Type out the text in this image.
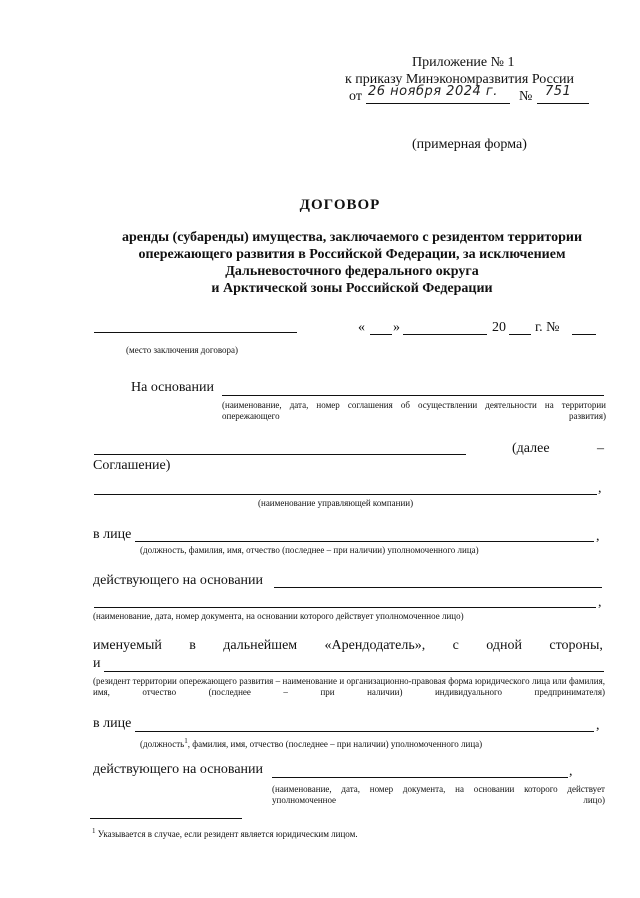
Приложение № 1
к приказу Минэкономразвития России
от 26 ноября 2024 г. № 751
(примерная форма)
ДОГОВОР
аренды (субаренды) имущества, заключаемого с резидентом территории
опережающего развития в Российской Федерации, за исключением
Дальневосточного федерального округа
и Арктической зоны Российской Федерации
« »	20 г. №
(место заключения договора)
На основании
(наименование, дата, номер соглашения об осуществлении деятельности на территории опережающего развития)
(далее	–
Соглашение)
,
(наименование управляющей компании)
в лице	,
(должность, фамилия, имя, отчество (последнее – при наличии) уполномоченного лица)
действующего на основании
,
(наименование, дата, номер документа, на основании которого действует уполномоченное лицо)
именуемый в дальнейшем «Арендодатель», с одной стороны,
и
(резидент территории опережающего развития – наименование и организационно-правовая форма юридического лица или фамилия, имя, отчество (последнее – при наличии) индивидуального предпринимателя)
в лице	,
(должность$^1$, фамилия, имя, отчество (последнее – при наличии) уполномоченного лица)
действующего на основании	,
(наименование, дата, номер документа, на основании которого действует уполномоченное лицо)
$^1$ Указывается в случае, если резидент является юридическим лицом.
